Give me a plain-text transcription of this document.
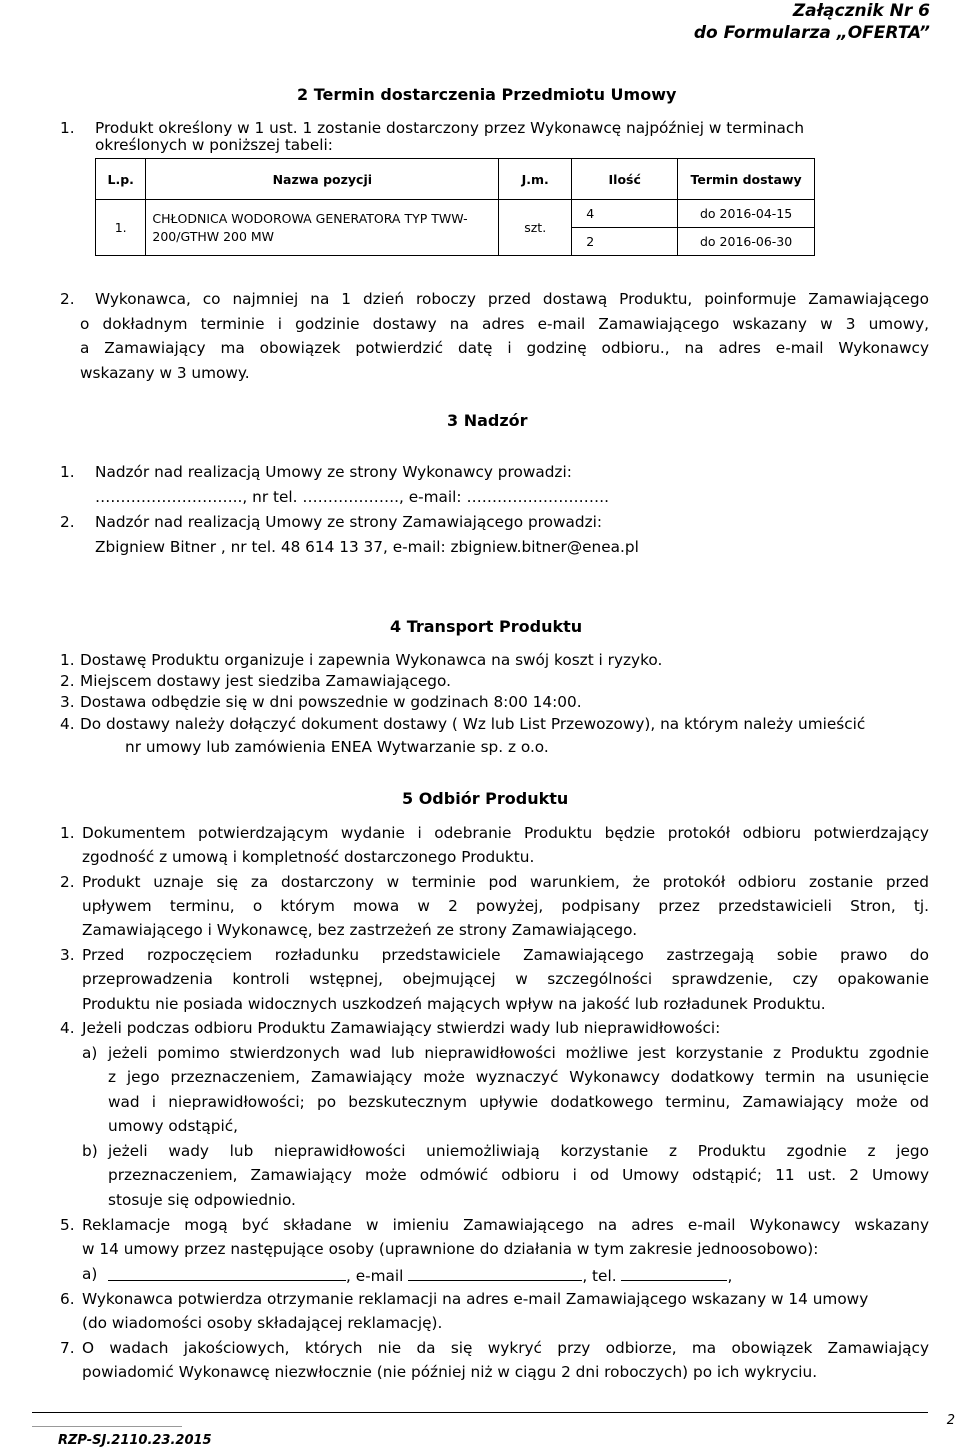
Załącznik Nr 6
do Formularza „OFERTA”
2 Termin dostarczenia Przedmiotu Umowy
1. Produkt określony w 1 ust. 1 zostanie dostarczony przez Wykonawcę najpóźniej w terminach
określonych w poniższej tabeli:
L.p.	Nazwa pozycji	J.m.	Ilość	Termin dostawy
1.	CHŁODNICA WODOROWA GENERATORA TYP TWW-200/GTHW 200 MW	szt.	4	do 2016-04-15
			2	do 2016-06-30
2. Wykonawca, co najmniej na 1 dzień roboczy przed dostawą Produktu, poinformuje Zamawiającego
o dokładnym terminie i godzinie dostawy na adres e-mail Zamawiającego wskazany w 3 umowy,
a Zamawiający ma obowiązek potwierdzić datę i godzinę odbioru., na adres e-mail Wykonawcy
wskazany w 3 umowy.
3 Nadzór
1. Nadzór nad realizacją Umowy ze strony Wykonawcy prowadzi:
……………………….., nr tel. ………………., e-mail: ……………………….
2. Nadzór nad realizacją Umowy ze strony Zamawiającego prowadzi:
Zbigniew Bitner , nr tel. 48 614 13 37, e-mail: zbigniew.bitner@enea.pl
4 Transport Produktu
1. Dostawę Produktu organizuje i zapewnia Wykonawca na swój koszt i ryzyko.
2. Miejscem dostawy jest siedziba Zamawiającego.
3. Dostawa odbędzie się w dni powszednie w godzinach 8:00 14:00.
4. Do dostawy należy dołączyć dokument dostawy ( Wz lub List Przewozowy), na którym należy umieścić
nr umowy lub zamówienia ENEA Wytwarzanie sp. z o.o.
5 Odbiór Produktu
1. Dokumentem potwierdzającym wydanie i odebranie Produktu będzie protokół odbioru potwierdzający
zgodność z umową i kompletność dostarczonego Produktu.
2. Produkt uznaje się za dostarczony w terminie pod warunkiem, że protokół odbioru zostanie przed
upływem terminu, o którym mowa w 2 powyżej, podpisany przez przedstawicieli Stron, tj.
Zamawiającego i Wykonawcę, bez zastrzeżeń ze strony Zamawiającego.
3. Przed rozpoczęciem rozładunku przedstawiciele Zamawiającego zastrzegają sobie prawo do
przeprowadzenia kontroli wstępnej, obejmującej w szczególności sprawdzenie, czy opakowanie
Produktu nie posiada widocznych uszkodzeń mających wpływ na jakość lub rozładunek Produktu.
4. Jeżeli podczas odbioru Produktu Zamawiający stwierdzi wady lub nieprawidłowości:
a) jeżeli pomimo stwierdzonych wad lub nieprawidłowości możliwe jest korzystanie z Produktu zgodnie
z jego przeznaczeniem, Zamawiający może wyznaczyć Wykonawcy dodatkowy termin na usunięcie
wad i nieprawidłowości; po bezskutecznym upływie dodatkowego terminu, Zamawiający może od
umowy odstąpić,
b) jeżeli wady lub nieprawidłowości uniemożliwiają korzystanie z Produktu zgodnie z jego
przeznaczeniem, Zamawiający może odmówić odbioru i od Umowy odstąpić; 11 ust. 2 Umowy
stosuje się odpowiednio.
5. Reklamacje mogą być składane w imieniu Zamawiającego na adres e-mail Wykonawcy wskazany
w 14 umowy przez następujące osoby (uprawnione do działania w tym zakresie jednoosobowo):
a)	, e-mail	, tel.	,
6. Wykonawca potwierdza otrzymanie reklamacji na adres e-mail Zamawiającego wskazany w 14 umowy
(do wiadomości osoby składającej reklamację).
7. O wadach jakościowych, których nie da się wykryć przy odbiorze, ma obowiązek Zamawiający
powiadomić Wykonawcę niezwłocznie (nie później niż w ciągu 2 dni roboczych) po ich wykryciu.
2
RZP-SJ.2110.23.2015
